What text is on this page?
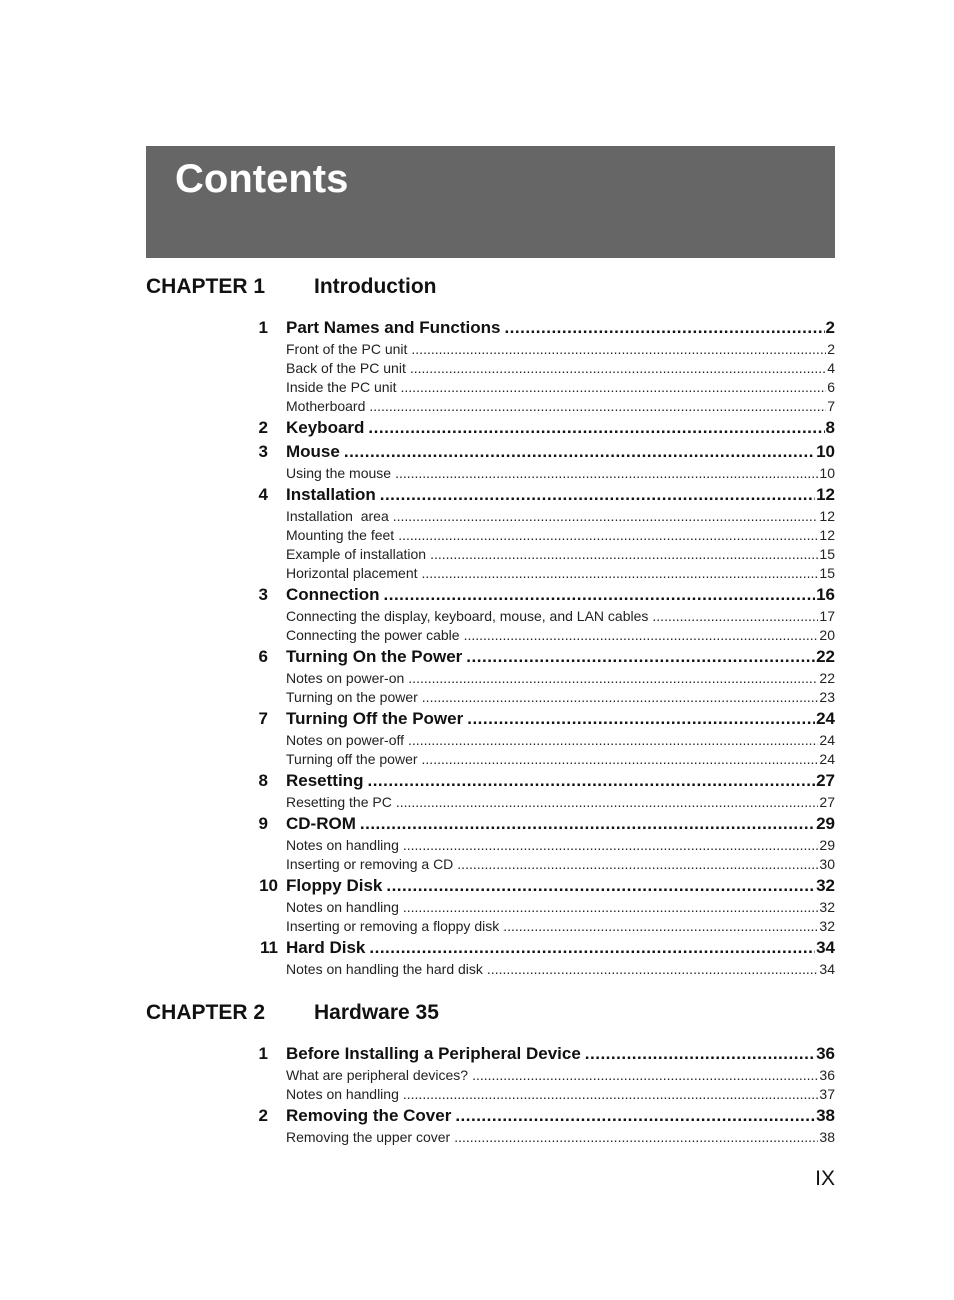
Contents
CHAPTER 1 Introduction
1 Part Names and Functions .....	2
Front of the PC unit .....	2
Back of the PC unit .....	4
Inside the PC unit .....	6
Motherboard .....	7
2 Keyboard .....	8
3 Mouse .....	10
Using the mouse .....	10
4 Installation .....	12
Installation  area .....	12
Mounting the feet .....	12
Example of installation .....	15
Horizontal placement .....	15
3 Connection .....	16
Connecting the display, keyboard, mouse, and LAN cables .....	17
Connecting the power cable .....	20
6 Turning On the Power .....	22
Notes on power-on .....	22
Turning on the power .....	23
7 Turning Off the Power .....	24
Notes on power-off .....	24
Turning off the power .....	24
8 Resetting .....	27
Resetting the PC .....	27
9 CD-ROM .....	29
Notes on handling .....	29
Inserting or removing a CD .....	30
10 Floppy Disk .....	32
Notes on handling .....	32
Inserting or removing a floppy disk .....	32
11 Hard Disk .....	34
Notes on handling the hard disk .....	34
CHAPTER 2 Hardware 35
1 Before Installing a Peripheral Device .....	36
What are peripheral devices? .....	36
Notes on handling .....	37
2 Removing the Cover .....	38
Removing the upper cover .....	38
IX
